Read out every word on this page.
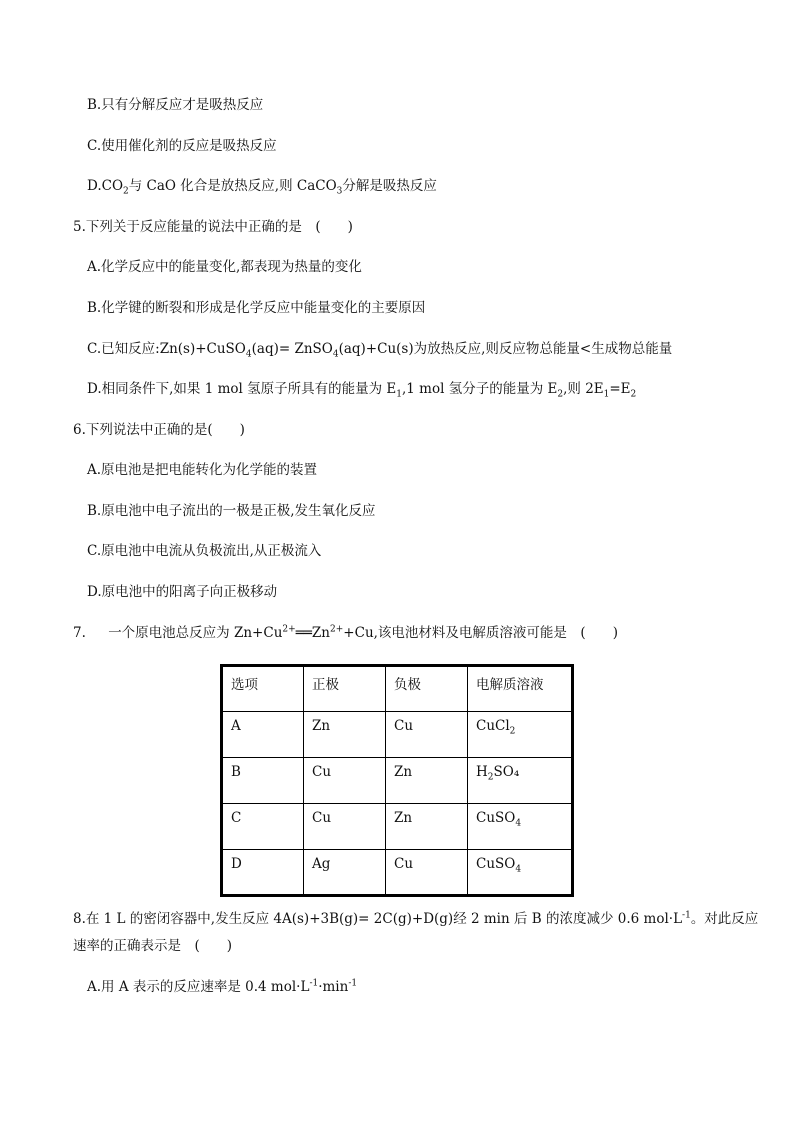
B.只有分解反应才是吸热反应
C.使用催化剂的反应是吸热反应
$D.CO_2$与 CaO 化合是放热反应,则 CaCO$_3$分解是吸热反应
5.下列关于反应能量的说法中正确的是　(　　)
A.化学反应中的能量变化,都表现为热量的变化
B.化学键的断裂和形成是化学反应中能量变化的主要原因
C.已知反应:Zn(s)+CuSO$_4$(aq)= ZnSO$_4$(aq)+Cu(s)为放热反应,则反应物总能量<生成物总能量
D.相同条件下,如果 1 mol 氢原子所具有的能量为 $E_1,1$ mol 氢分子的能量为 $E_2$,则 $2E_1=E_2$
6.下列说法中正确的是(　　)
A.原电池是把电能转化为化学能的装置
B.原电池中电子流出的一极是正极,发生氧化反应
C.原电池中电流从负极流出,从正极流入
D.原电池中的阳离子向正极移动
7. 一个原电池总反应为 $Zn+Cu^{2+}══Zn^{2+}+Cu$,该电池材料及电解质溶液可能是　(　　)
选项	正极	负极	电解质溶液
A	Zn	Cu	CuCl$_2$
B	Cu	Zn	$H_2SO_4$
C	Cu	Zn	CuSO$_4$
D	Ag	Cu	CuSO$_4$
8.在 1 L 的密闭容器中,发生反应 4A(s)+3B(g)= 2C(g)+D(g)经 2 min 后 B 的浓度减少 0.6 $mol\cdot L^{-1}$。对此反应
速率的正确表示是　(　　)
A.用 A 表示的反应速率是 0.4 $mol\cdot L^{-1}\cdot\min^{-1}$
